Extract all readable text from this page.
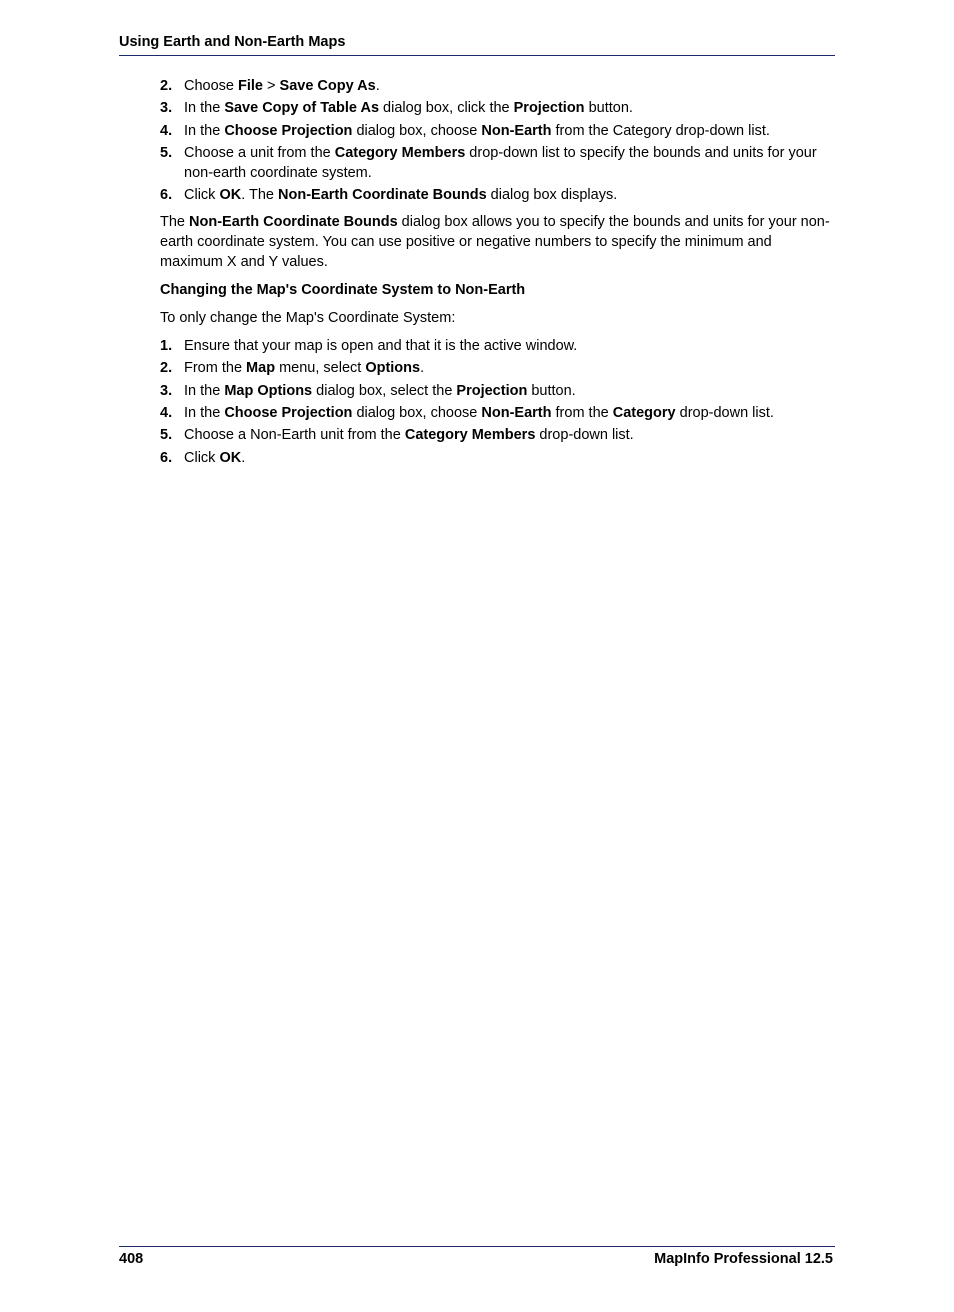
Using Earth and Non-Earth Maps
2. Choose File > Save Copy As.
3. In the Save Copy of Table As dialog box, click the Projection button.
4. In the Choose Projection dialog box, choose Non-Earth from the Category drop-down list.
5. Choose a unit from the Category Members drop-down list to specify the bounds and units for your non-earth coordinate system.
6. Click OK. The Non-Earth Coordinate Bounds dialog box displays.

The Non-Earth Coordinate Bounds dialog box allows you to specify the bounds and units for your non-earth coordinate system. You can use positive or negative numbers to specify the minimum and maximum X and Y values.

Changing the Map's Coordinate System to Non-Earth

To only change the Map's Coordinate System:

1. Ensure that your map is open and that it is the active window.
2. From the Map menu, select Options.
3. In the Map Options dialog box, select the Projection button.
4. In the Choose Projection dialog box, choose Non-Earth from the Category drop-down list.
5. Choose a Non-Earth unit from the Category Members drop-down list.
6. Click OK.
408	MapInfo Professional 12.5
